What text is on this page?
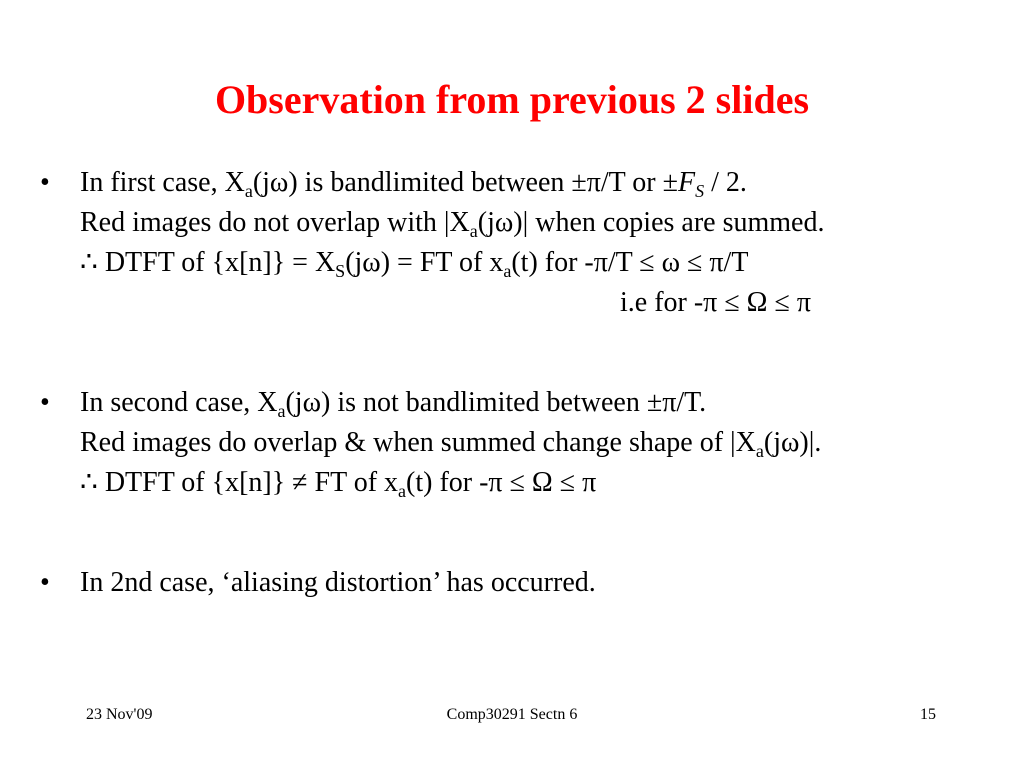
Observation from previous 2 slides
• In first case, $X_a(j\omega)$ is bandlimited between ±π/T or $\pm F_S / 2$.
Red images do not overlap with $|X_a(j\omega)|$ when copies are summed.
∴ DTFT of $\{x[n]\} = X_S(j\omega)$ = FT of $x_a(t)$ for -π/T ≤ ω ≤ π/T
i.e for -π ≤ Ω ≤ π
• In second case, $X_a(j\omega)$ is not bandlimited between ±π/T.
Red images do overlap & when summed change shape of $|X_a(j\omega)|$.
∴ DTFT of {x[n]} ≠ FT of $x_a(t)$ for -π ≤ Ω ≤ π
• In 2nd case, ‘aliasing distortion’ has occurred.
23 Nov'09	Comp30291 Sectn 6	15
